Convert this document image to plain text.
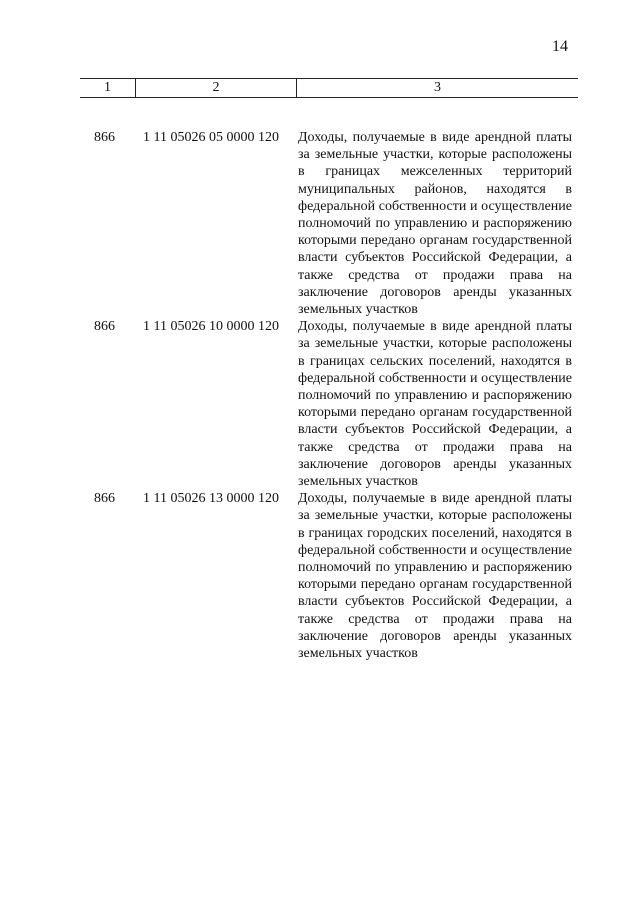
14
1	2	3
866	1 11 05026 05 0000 120	Доходы, получаемые в виде арендной платы за земельные участки, которые расположены в границах межселенных территорий муниципальных районов, находятся в федеральной собственности и осуществление полномочий по управлению и распоряжению которыми передано органам государственной власти субъектов Российской Федерации, а также средства от продажи права на заключение договоров аренды указанных земельных участков
866	1 11 05026 10 0000 120	Доходы, получаемые в виде арендной платы за земельные участки, которые расположены в границах сельских поселений, находятся в федеральной собственности и осуществление полномочий по управлению и распоряжению которыми передано органам государственной власти субъектов Российской Федерации, а также средства от продажи права на заключение договоров аренды указанных земельных участков
866	1 11 05026 13 0000 120	Доходы, получаемые в виде арендной платы за земельные участки, которые расположены в границах городских поселений, находятся в федеральной собственности и осуществление полномочий по управлению и распоряжению которыми передано органам государственной власти субъектов Российской Федерации, а также средства от продажи права на заключение договоров аренды указанных земельных участков
